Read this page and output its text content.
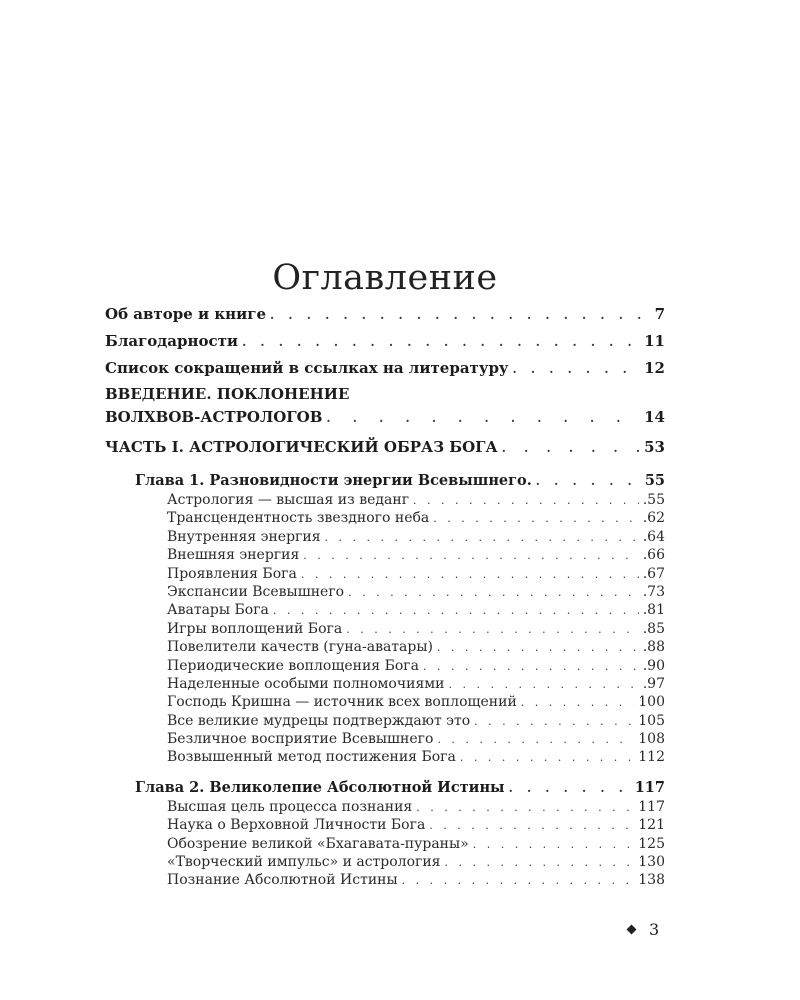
Оглавление
Об авторе и книге . . .	7
Благодарности . . .	11
Список сокращений в ссылках на литературу . . .	12
ВВЕДЕНИЕ. ПОКЛОНЕНИЕ
ВОЛХВОВ-АСТРОЛОГОВ . . .	14
ЧАСТЬ I. АСТРОЛОГИЧЕСКИЙ ОБРАЗ БОГА . . .	53
Глава 1. Разновидности энергии Всевышнего. . . .	55
Астрология — высшая из веданг . . .	.55
Трансцендентность звездного неба . . .	.62
Внутренняя энергия . . .	.64
Внешняя энергия . . .	.66
Проявления Бога . . .	.67
Экспансии Всевышнего . . .	.73
Аватары Бога . . .	.81
Игры воплощений Бога . . .	.85
Повелители качеств (гуна-аватары) . . .	.88
Периодические воплощения Бога . . .	.90
Наделенные особыми полномочиями . . .	.97
Господь Кришна — источник всех воплощений . . .	100
Все великие мудрецы подтверждают это . . .	105
Безличное восприятие Всевышнего . . .	108
Возвышенный метод постижения Бога . . .	112
Глава 2. Великолепие Абсолютной Истины . . .	117
Высшая цель процесса познания . . .	117
Наука о Верховной Личности Бога . . .	121
Обозрение великой «Бхагавата-пураны» . . .	125
«Творческий импульс» и астрология . . .	130
Познание Абсолютной Истины . . .	138
3
